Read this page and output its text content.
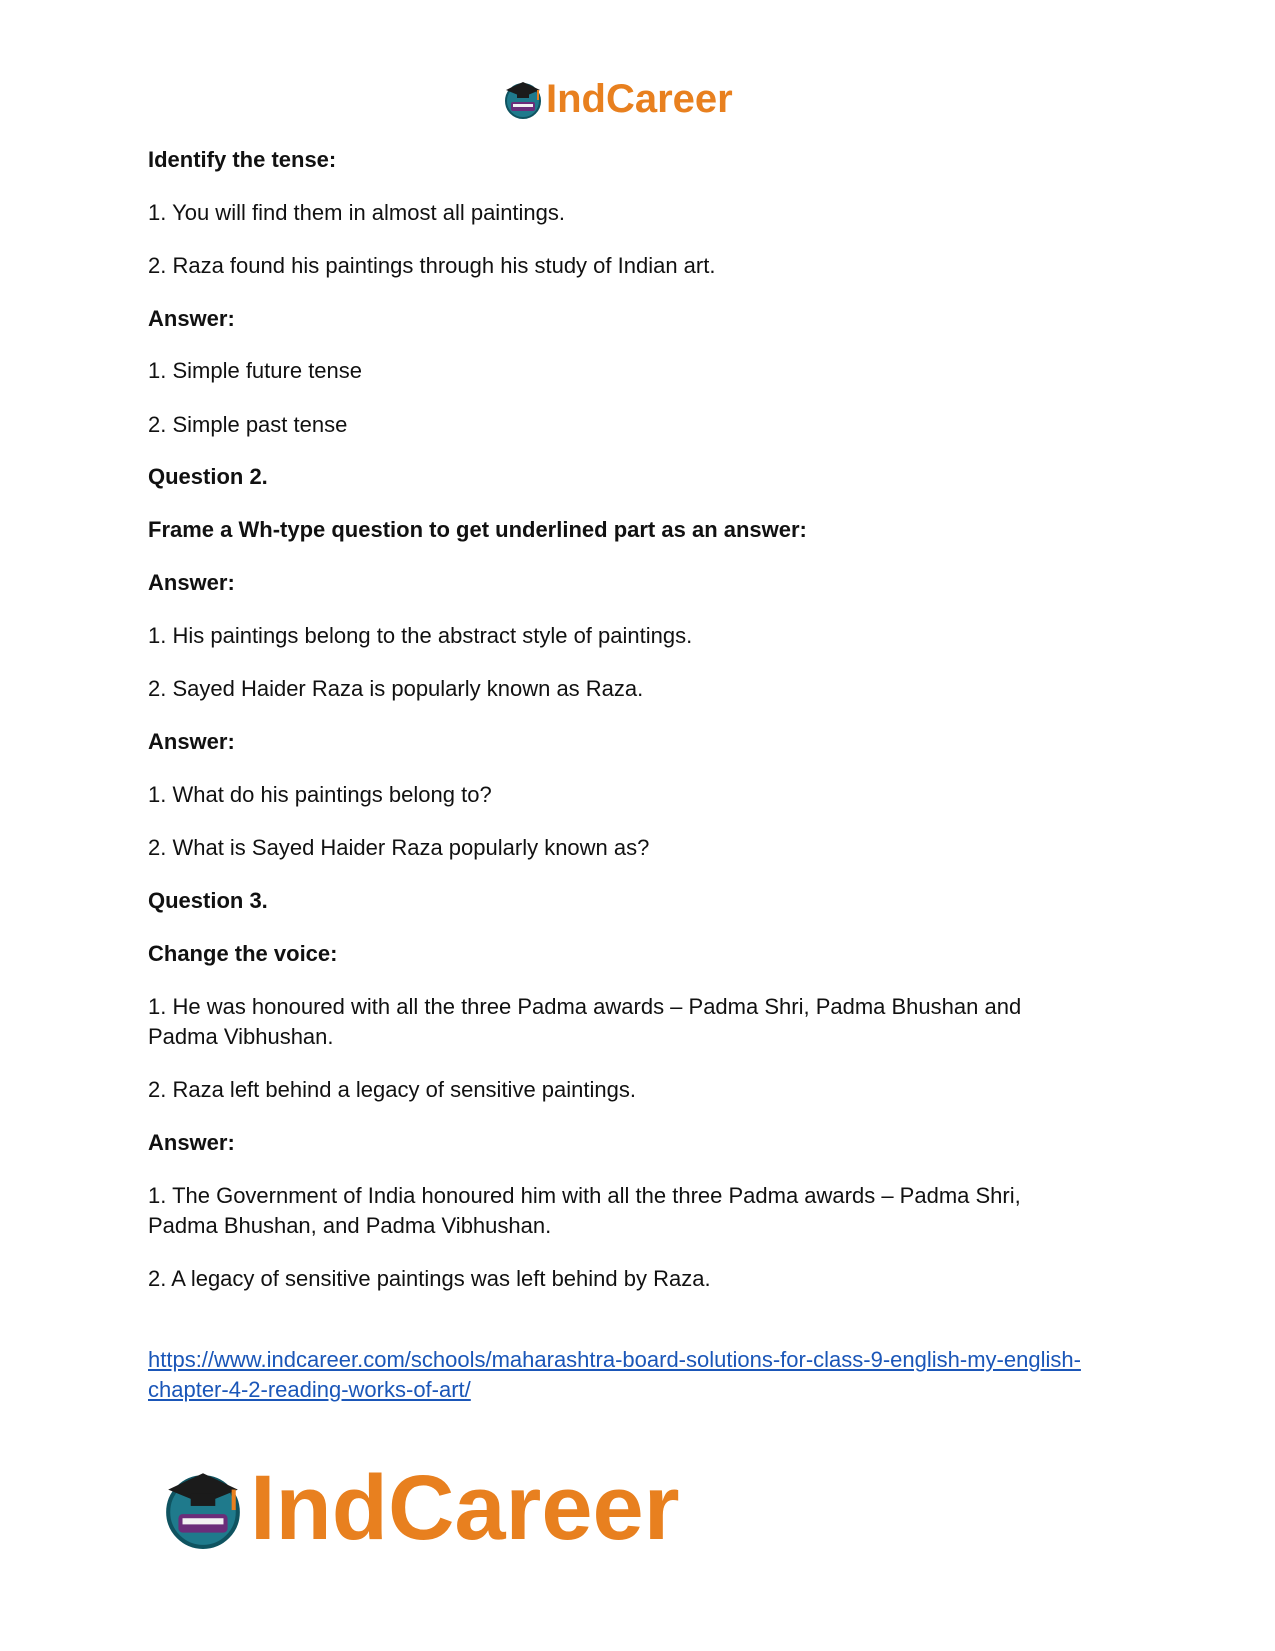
IndCareer
Identify the tense:
1. You will find them in almost all paintings.
2. Raza found his paintings through his study of Indian art.
Answer:
1. Simple future tense
2. Simple past tense
Question 2.
Frame a Wh-type question to get underlined part as an answer:
Answer:
1. His paintings belong to the abstract style of paintings.
2. Sayed Haider Raza is popularly known as Raza.
Answer:
1. What do his paintings belong to?
2. What is Sayed Haider Raza popularly known as?
Question 3.
Change the voice:
1. He was honoured with all the three Padma awards – Padma Shri, Padma Bhushan and
Padma Vibhushan.
2. Raza left behind a legacy of sensitive paintings.
Answer:
1. The Government of India honoured him with all the three Padma awards – Padma Shri,
Padma Bhushan, and Padma Vibhushan.
2. A legacy of sensitive paintings was left behind by Raza.
https://www.indcareer.com/schools/maharashtra-board-solutions-for-class-9-english-my-english-
chapter-4-2-reading-works-of-art/
IndCareer
